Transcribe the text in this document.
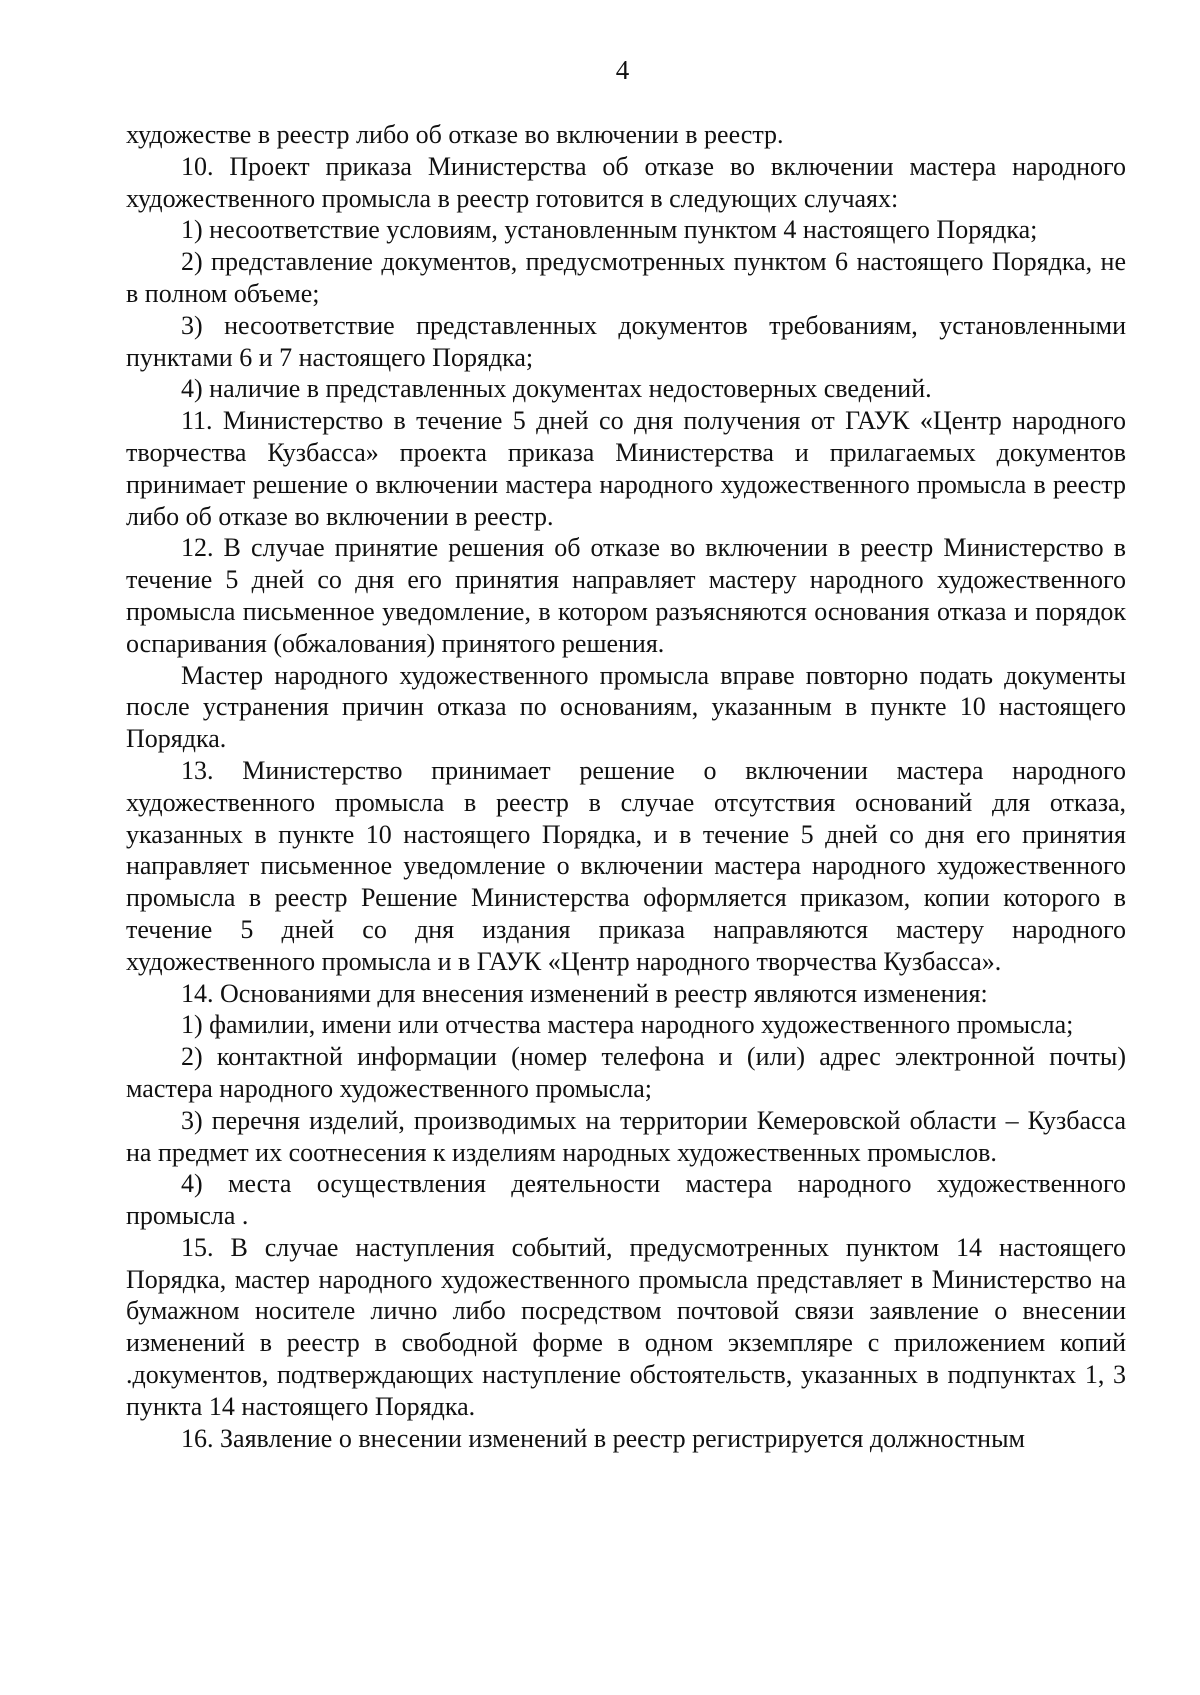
4

художестве в реестр либо об отказе во включении в реестр.

10. Проект приказа Министерства об отказе во включении мастера народного художественного промысла в реестр готовится в следующих случаях:

1) несоответствие условиям, установленным пунктом 4 настоящего Порядка;

2) представление документов, предусмотренных пунктом 6 настоящего Порядка, не в полном объеме;

3) несоответствие представленных документов требованиям, установленными пунктами 6 и 7 настоящего Порядка;

4) наличие в представленных документах недостоверных сведений.

11. Министерство в течение 5 дней со дня получения от ГАУК «Центр народного творчества Кузбасса» проекта приказа Министерства и прилагаемых документов принимает решение о включении мастера народного художественного промысла в реестр либо об отказе во включении в реестр.

12. В случае принятие решения об отказе во включении в реестр Министерство в течение 5 дней со дня его принятия направляет мастеру народного художественного промысла письменное уведомление, в котором разъясняются основания отказа и порядок оспаривания (обжалования) принятого решения.

Мастер народного художественного промысла вправе повторно подать документы после устранения причин отказа по основаниям, указанным в пункте 10 настоящего Порядка.

13. Министерство принимает решение о включении мастера народного художественного промысла в реестр в случае отсутствия оснований для отказа, указанных в пункте 10 настоящего Порядка, и в течение 5 дней со дня его принятия направляет письменное уведомление о включении мастера народного художественного промысла в реестр Решение Министерства оформляется приказом, копии которого в течение 5 дней со дня издания приказа направляются мастеру народного художественного промысла и в ГАУК «Центр народного творчества Кузбасса».

14. Основаниями для внесения изменений в реестр являются изменения:

1) фамилии, имени или отчества мастера народного художественного промысла;

2) контактной информации (номер телефона и (или) адрес электронной почты) мастера народного художественного промысла;

3) перечня изделий, производимых на территории Кемеровской области – Кузбасса на предмет их соотнесения к изделиям народных художественных промыслов.

4) места осуществления деятельности мастера народного художественного промысла .

15. В случае наступления событий, предусмотренных пунктом 14 настоящего Порядка, мастер народного художественного промысла представляет в Министерство на бумажном носителе лично либо посредством почтовой связи заявление о внесении изменений в реестр в свободной форме в одном экземпляре с приложением копий .документов, подтверждающих наступление обстоятельств, указанных в подпунктах 1, 3 пункта 14 настоящего Порядка.

16. Заявление о внесении изменений в реестр регистрируется должностным
